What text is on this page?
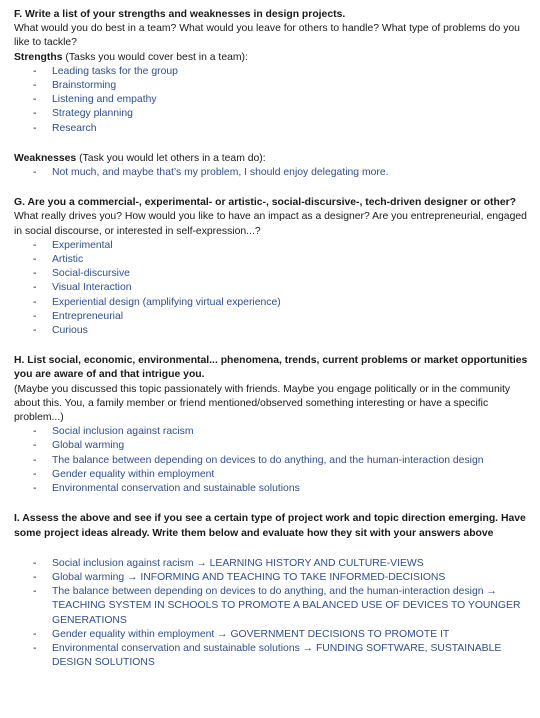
F. Write a list of your strengths and weaknesses in design projects.

What would you do best in a team? What would you leave for others to handle? What type of problems do you like to tackle?

Strengths (Tasks you would cover best in a team):

- Leading tasks for the group
- Brainstorming
- Listening and empathy
- Strategy planning
- Research

Weaknesses (Task you would let others in a team do):

- Not much, and maybe that’s my problem, I should enjoy delegating more.

G. Are you a commercial-, experimental- or artistic-, social-discursive-, tech-driven designer or other?

What really drives you? How would you like to have an impact as a designer? Are you entrepreneurial, engaged in social discourse, or interested in self-expression...?

- Experimental
- Artistic
- Social-discursive
- Visual Interaction
- Experiential design (amplifying virtual experience)
- Entrepreneurial
- Curious

H. List social, economic, environmental... phenomena, trends, current problems or market opportunities you are aware of and that intrigue you.

(Maybe you discussed this topic passionately with friends. Maybe you engage politically or in the community about this. You, a family member or friend mentioned/observed something interesting or have a specific problem...)

- Social inclusion against racism
- Global warming
- The balance between depending on devices to do anything, and the human-interaction design
- Gender equality within employment
- Environmental conservation and sustainable solutions

I. Assess the above and see if you see a certain type of project work and topic direction emerging. Have some project ideas already. Write them below and evaluate how they sit with your answers above

- Social inclusion against racism → LEARNING HISTORY AND CULTURE-VIEWS
- Global warming → INFORMING AND TEACHING TO TAKE INFORMED-DECISIONS
- The balance between depending on devices to do anything, and the human-interaction design → TEACHING SYSTEM IN SCHOOLS TO PROMOTE A BALANCED USE OF DEVICES TO YOUNGER GENERATIONS
- Gender equality within employment → GOVERNMENT DECISIONS TO PROMOTE IT
- Environmental conservation and sustainable solutions → FUNDING SOFTWARE, SUSTAINABLE DESIGN SOLUTIONS
